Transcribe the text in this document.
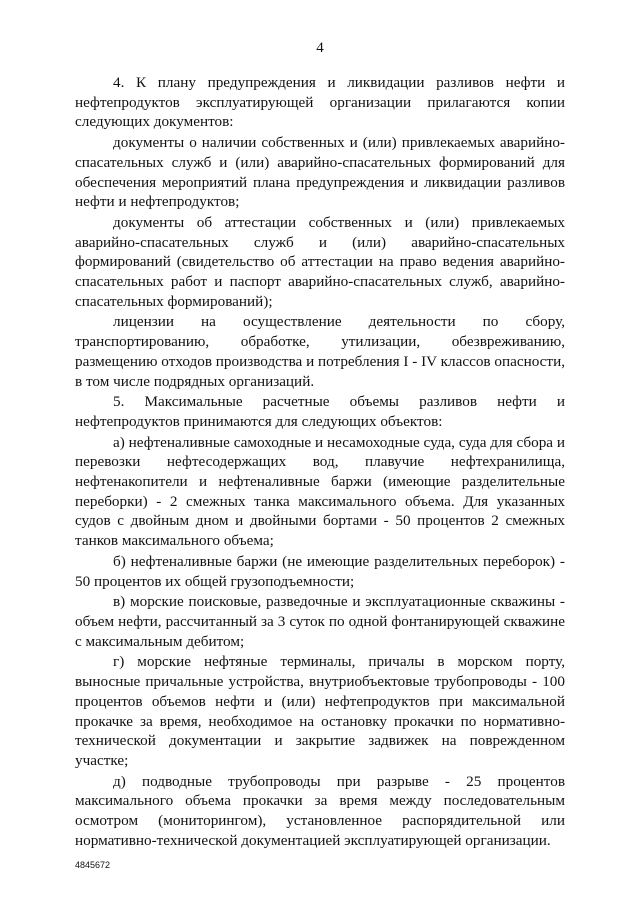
4

4. К плану предупреждения и ликвидации разливов нефти и нефтепродуктов эксплуатирующей организации прилагаются копии следующих документов:

документы о наличии собственных и (или) привлекаемых аварийно-спасательных служб и (или) аварийно-спасательных формирований для обеспечения мероприятий плана предупреждения и ликвидации разливов нефти и нефтепродуктов;

документы об аттестации собственных и (или) привлекаемых аварийно-спасательных служб и (или) аварийно-спасательных формирований (свидетельство об аттестации на право ведения аварийно-спасательных работ и паспорт аварийно-спасательных служб, аварийно-спасательных формирований);

лицензии на осуществление деятельности по сбору, транспортированию, обработке, утилизации, обезвреживанию, размещению отходов производства и потребления I - IV классов опасности, в том числе подрядных организаций.

5. Максимальные расчетные объемы разливов нефти и нефтепродуктов принимаются для следующих объектов:

а) нефтеналивные самоходные и несамоходные суда, суда для сбора и перевозки нефтесодержащих вод, плавучие нефтехранилища, нефтенакопители и нефтеналивные баржи (имеющие разделительные переборки) - 2 смежных танка максимального объема. Для указанных судов с двойным дном и двойными бортами - 50 процентов 2 смежных танков максимального объема;

б) нефтеналивные баржи (не имеющие разделительных переборок) - 50 процентов их общей грузоподъемности;

в) морские поисковые, разведочные и эксплуатационные скважины - объем нефти, рассчитанный за 3 суток по одной фонтанирующей скважине с максимальным дебитом;

г) морские нефтяные терминалы, причалы в морском порту, выносные причальные устройства, внутриобъектовые трубопроводы - 100 процентов объемов нефти и (или) нефтепродуктов при максимальной прокачке за время, необходимое на остановку прокачки по нормативно-технической документации и закрытие задвижек на поврежденном участке;

д) подводные трубопроводы при разрыве - 25 процентов максимального объема прокачки за время между последовательным осмотром (мониторингом), установленное распорядительной или нормативно-технической документацией эксплуатирующей организации.

4845672
